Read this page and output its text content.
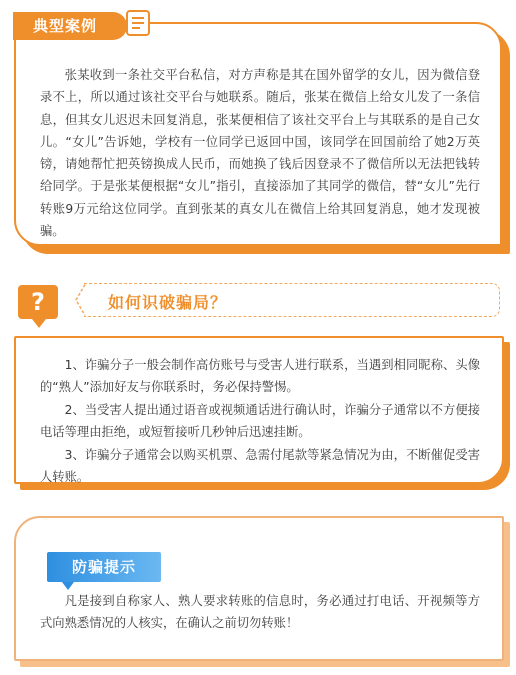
典型案例
张某收到一条社交平台私信，对方声称是其在国外留学的女儿，因为微信登录不上，所以通过该社交平台与她联系。随后，张某在微信上给女儿发了一条信息，但其女儿迟迟未回复消息，张某便相信了该社交平台上与其联系的是自己女儿。“女儿”告诉她，学校有一位同学已返回中国，该同学在回国前给了她2万英镑，请她帮忙把英镑换成人民币，而她换了钱后因登录不了微信所以无法把钱转给同学。于是张某便根据“女儿”指引，直接添加了其同学的微信，替“女儿”先行转账9万元给这位同学。直到张某的真女儿在微信上给其回复消息，她才发现被骗。
?	如何识破骗局？
1、诈骗分子一般会制作高仿账号与受害人进行联系，当遇到相同昵称、头像的“熟人”添加好友与你联系时，务必保持警惕。
2、当受害人提出通过语音或视频通话进行确认时，诈骗分子通常以不方便接电话等理由拒绝，或短暂接听几秒钟后迅速挂断。
3、诈骗分子通常会以购买机票、急需付尾款等紧急情况为由，不断催促受害人转账。
防骗提示
凡是接到自称家人、熟人要求转账的信息时，务必通过打电话、开视频等方式向熟悉情况的人核实，在确认之前切勿转账！
